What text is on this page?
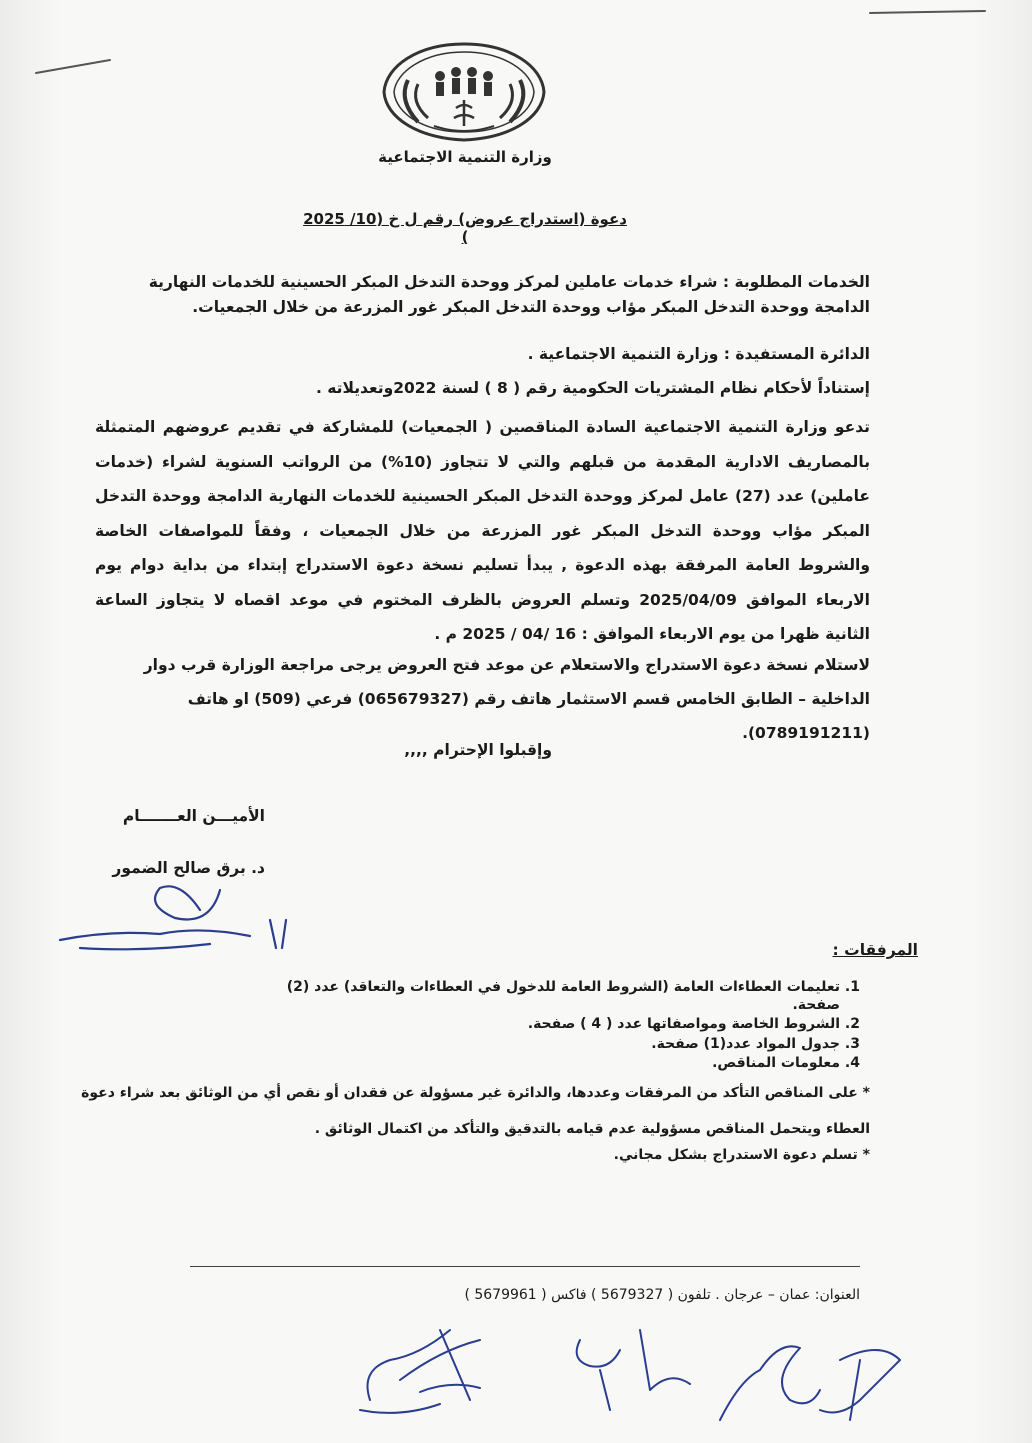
وزارة التنمية الاجتماعية
دعوة (استدراج عروض) رقم ل خ (10/ 2025 )
الخدمات المطلوبة : شراء خدمات عاملين لمركز ووحدة التدخل المبكر الحسينية للخدمات النهارية الدامجة ووحدة التدخل المبكر مؤاب ووحدة التدخل المبكر غور المزرعة من خلال الجمعيات.
الدائرة المستفيدة : وزارة التنمية الاجتماعية .
إستناداً لأحكام نظام المشتريات الحكومية رقم ( 8 ) لسنة 2022وتعديلاته .
تدعو وزارة التنمية الاجتماعية السادة المناقصين ( الجمعيات) للمشاركة في تقديم عروضهم المتمثلة بالمصاريف الادارية المقدمة من قبلهم والتي لا تتجاوز (10%) من الرواتب السنوية لشراء (خدمات عاملين) عدد (27) عامل لمركز ووحدة التدخل المبكر الحسينية للخدمات النهارية الدامجة ووحدة التدخل المبكر مؤاب ووحدة التدخل المبكر غور المزرعة من خلال الجمعيات ، وفقاً للمواصفات الخاصة والشروط العامة المرفقة بهذه الدعوة , يبدأ تسليم نسخة دعوة الاستدراج إبتداء من بداية دوام يوم الاربعاء الموافق 2025/04/09 وتسلم العروض بالظرف المختوم في موعد اقصاه لا يتجاوز الساعة الثانية ظهرا من يوم الاربعاء الموافق : 16 /04 / 2025 م .
لاستلام نسخة دعوة الاستدراج والاستعلام عن موعد فتح العروض يرجى مراجعة الوزارة قرب دوار الداخلية – الطابق الخامس قسم الاستثمار هاتف رقم (065679327) فرعي (509) او هاتف (0789191211).
وإقبلوا الإحترام ,,,,
الأميـــن العـــــــام
د. برق صالح الضمور
المرفقات :
1. تعليمات العطاءات العامة (الشروط العامة للدخول في العطاءات والتعاقد) عدد (2) صفحة.
2. الشروط الخاصة ومواصفاتها عدد ( 4 ) صفحة.
3. جدول المواد عدد(1) صفحة.
4. معلومات المناقص.
* على المناقص التأكد من المرفقات وعددها، والدائرة غير مسؤولة عن فقدان أو نقص أي من الوثائق بعد شراء دعوة العطاء ويتحمل المناقص مسؤولية عدم قيامه بالتدقيق والتأكد من اكتمال الوثائق .
* تسلم دعوة الاستدراج بشكل مجاني.
العنوان: عمان – عرجان . تلفون ( 5679327 ) فاكس ( 5679961 )
